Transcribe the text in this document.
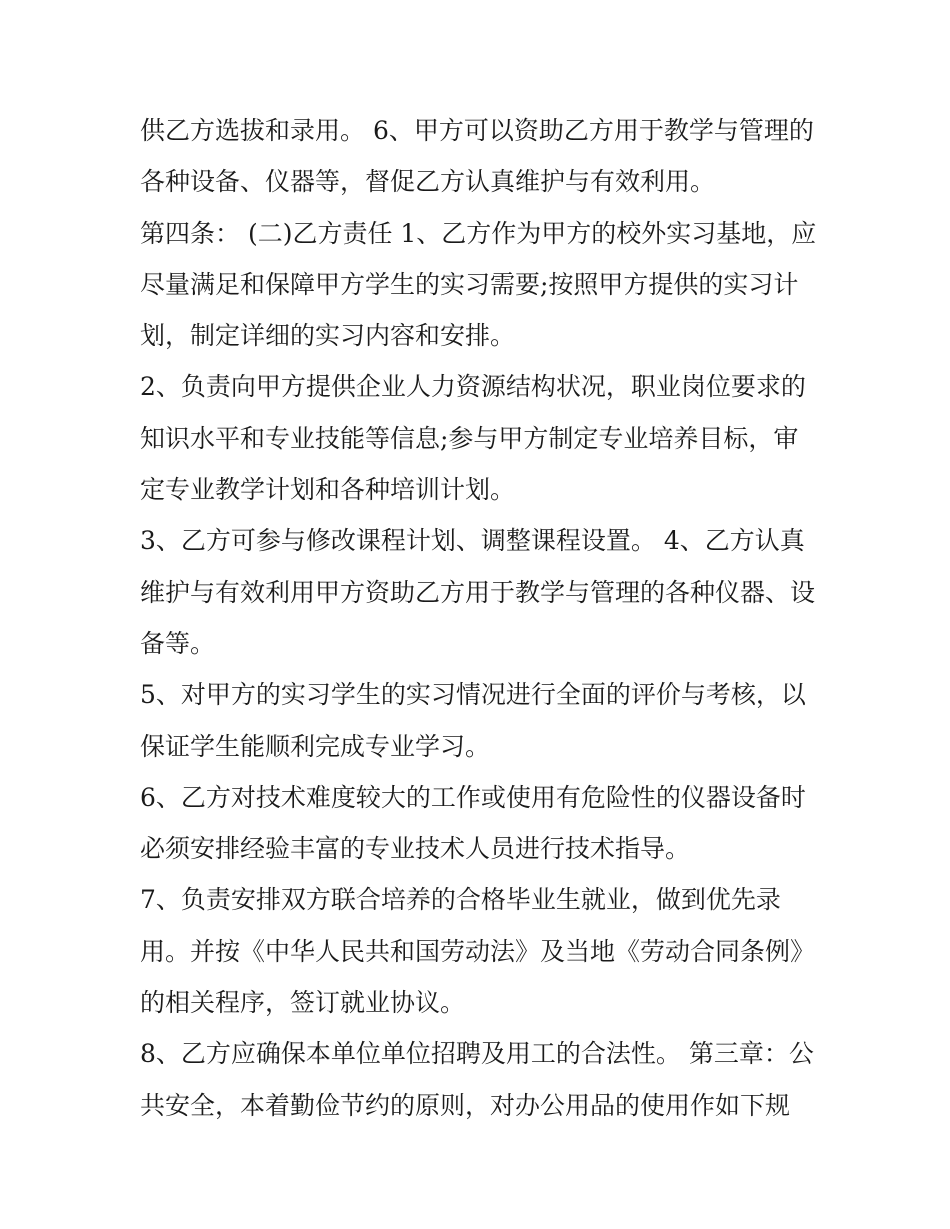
供乙方选拔和录用。 6、甲方可以资助乙方用于教学与管理的
各种设备、仪器等，督促乙方认真维护与有效利用。
第四条： (二)乙方责任 1、乙方作为甲方的校外实习基地，应
尽量满足和保障甲方学生的实习需要;按照甲方提供的实习计
划，制定详细的实习内容和安排。
2、负责向甲方提供企业人力资源结构状况，职业岗位要求的
知识水平和专业技能等信息;参与甲方制定专业培养目标，审
定专业教学计划和各种培训计划。
3、乙方可参与修改课程计划、调整课程设置。 4、乙方认真
维护与有效利用甲方资助乙方用于教学与管理的各种仪器、设
备等。
5、对甲方的实习学生的实习情况进行全面的评价与考核，以
保证学生能顺利完成专业学习。
6、乙方对技术难度较大的工作或使用有危险性的仪器设备时
必须安排经验丰富的专业技术人员进行技术指导。
7、负责安排双方联合培养的合格毕业生就业，做到优先录
用。并按《中华人民共和国劳动法》及当地《劳动合同条例》
的相关程序，签订就业协议。
8、乙方应确保本单位单位招聘及用工的合法性。 第三章：公
共安全，本着勤俭节约的原则，对办公用品的使用作如下规
